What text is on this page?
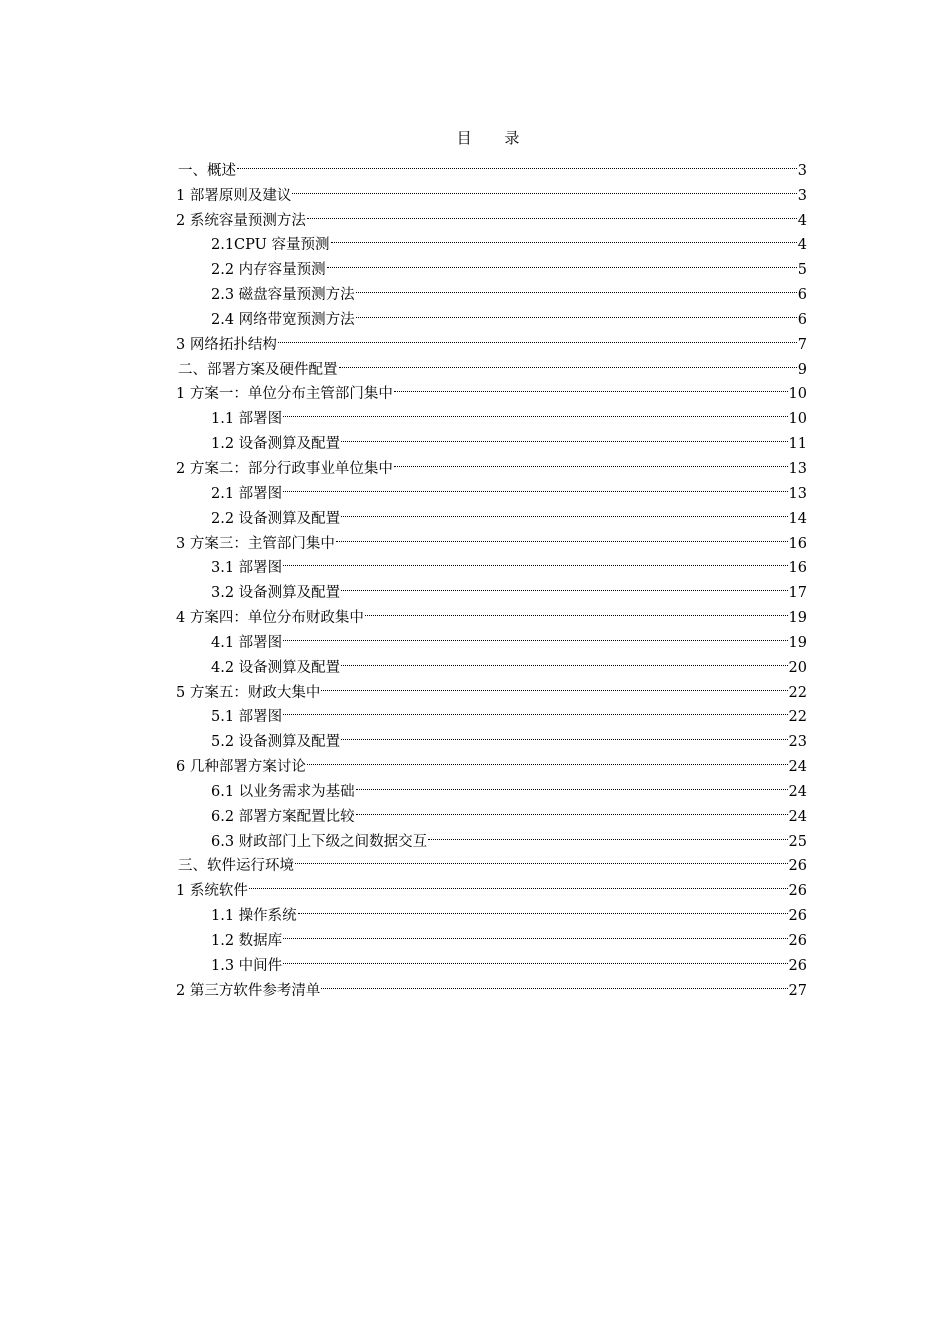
目 录
一、概述	3
1 部署原则及建议	3
2 系统容量预测方法	4
2.1CPU 容量预测	4
2.2 内存容量预测	5
2.3 磁盘容量预测方法	6
2.4 网络带宽预测方法	6
3 网络拓扑结构	7
二、部署方案及硬件配置	9
1 方案一：单位分布主管部门集中	10
1.1 部署图	10
1.2 设备测算及配置	11
2 方案二：部分行政事业单位集中	13
2.1 部署图	13
2.2 设备测算及配置	14
3 方案三：主管部门集中	16
3.1 部署图	16
3.2 设备测算及配置	17
4 方案四：单位分布财政集中	19
4.1 部署图	19
4.2 设备测算及配置	20
5 方案五：财政大集中	22
5.1 部署图	22
5.2 设备测算及配置	23
6 几种部署方案讨论	24
6.1 以业务需求为基础	24
6.2 部署方案配置比较	24
6.3 财政部门上下级之间数据交互	25
三、软件运行环境	26
1 系统软件	26
1.1 操作系统	26
1.2 数据库	26
1.3 中间件	26
2 第三方软件参考清单	27
